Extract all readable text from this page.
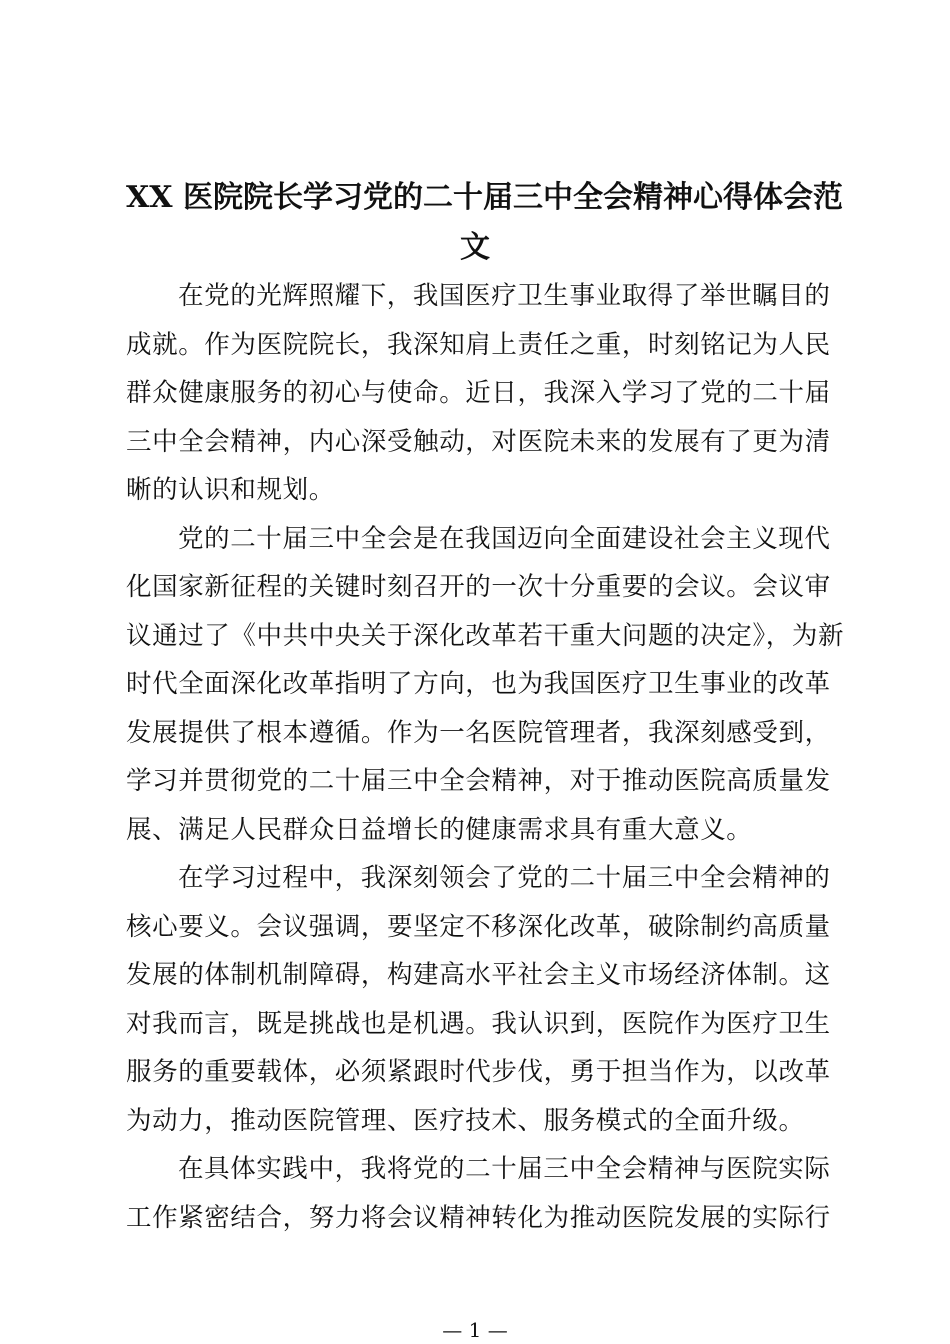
XX 医院院长学习党的二十届三中全会精神心得体会范
文

在党的光辉照耀下，我国医疗卫生事业取得了举世瞩目的

成就。作为医院院长，我深知肩上责任之重，时刻铭记为人民

群众健康服务的初心与使命。近日，我深入学习了党的二十届

三中全会精神，内心深受触动，对医院未来的发展有了更为清

晰的认识和规划。

党的二十届三中全会是在我国迈向全面建设社会主义现代

化国家新征程的关键时刻召开的一次十分重要的会议。会议审

议通过了《中共中央关于深化改革若干重大问题的决定》，为新

时代全面深化改革指明了方向，也为我国医疗卫生事业的改革

发展提供了根本遵循。作为一名医院管理者，我深刻感受到，

学习并贯彻党的二十届三中全会精神，对于推动医院高质量发

展、满足人民群众日益增长的健康需求具有重大意义。

在学习过程中，我深刻领会了党的二十届三中全会精神的

核心要义。会议强调，要坚定不移深化改革，破除制约高质量

发展的体制机制障碍，构建高水平社会主义市场经济体制。这

对我而言，既是挑战也是机遇。我认识到，医院作为医疗卫生

服务的重要载体，必须紧跟时代步伐，勇于担当作为，以改革

为动力，推动医院管理、医疗技术、服务模式的全面升级。

在具体实践中，我将党的二十届三中全会精神与医院实际

工作紧密结合，努力将会议精神转化为推动医院发展的实际行

— 1 —
